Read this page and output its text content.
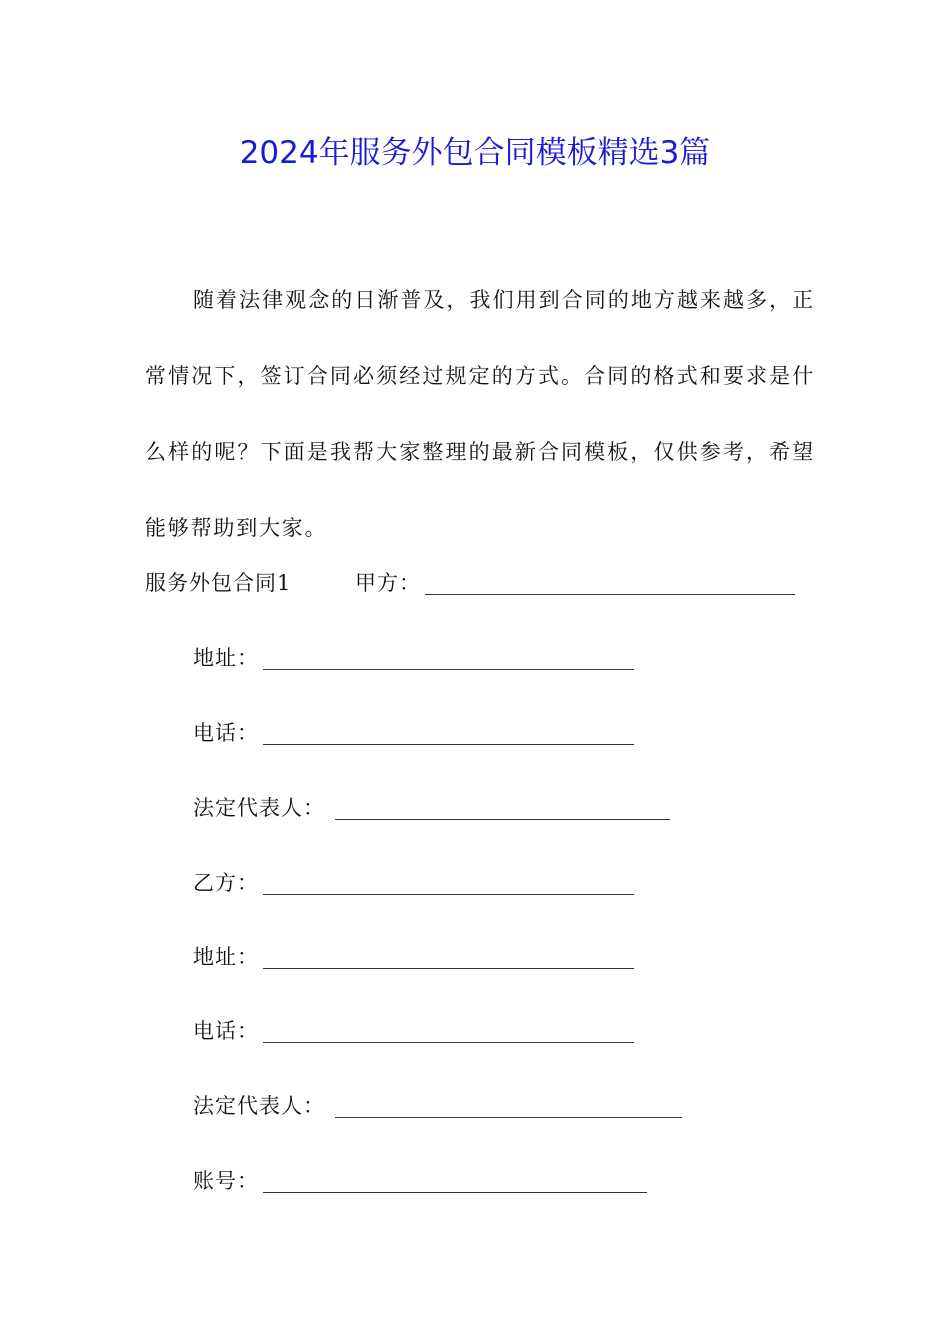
2024年服务外包合同模板精选3篇

随着法律观念的日渐普及，我们用到合同的地方越来越多，正常情况下，签订合同必须经过规定的方式。合同的格式和要求是什么样的呢？下面是我帮大家整理的最新合同模板，仅供参考，希望能够帮助到大家。

服务外包合同1	甲方：
地址：
电话：
法定代表人：
乙方：
地址：
电话：
法定代表人：
账号：
